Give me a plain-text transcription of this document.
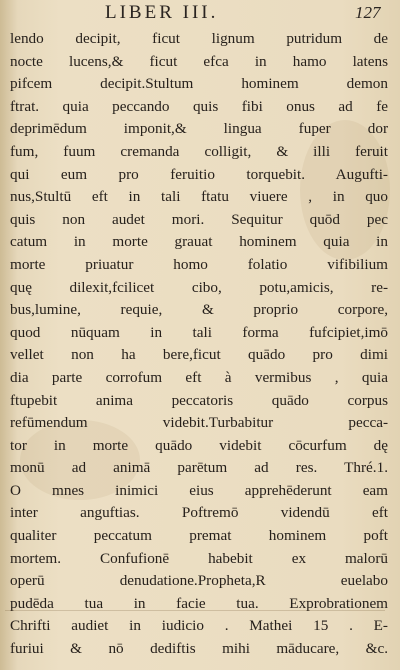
LIBER III.	127
lendo decipit, ficut lignum putridum de
nocte lucens,& ficut efca in hamo latens
pifcem decipit.Stultum hominem demon
ftrat. quia peccando quis fibi onus ad fe
deprimēdum imponit,& lingua fuper dor
fum, fuum cremanda colligit, & illi feruit
qui eum pro feruitio torquebit. Augufti-
nus,Stultū eft in tali ftatu viuere , in quo
quis non audet mori. Sequitur quōd pec
catum in morte grauat hominem quia in
morte priuatur homo folatio vifibilium
quę dilexit,fcilicet cibo, potu,amicis, re-
bus,lumine, requie, & proprio corpore,
quod nūquam in tali forma fufcipiet,imō
vellet non ha bere,ficut quādo pro dimi
dia parte corrofum eft à vermibus , quia
ftupebit anima peccatoris quādo corpus
refūmendum videbit.Turbabitur pecca-
tor in morte quādo videbit cōcurfum dę
monū ad animā parētum ad res. Thré.1.
O mnes inimici eius apprehēderunt eam
inter anguftias. Poftremō videndū eft
qualiter peccatum premat hominem poft
mortem. Confufionē habebit ex malorū
operū denudatione.Propheta,R euelabo
pudēda tua in facie tua. Exprobrationem
Chrifti audiet in iudicio . Mathei 15 . E-
furiui & nō dediftis mihi māducare, &c.
